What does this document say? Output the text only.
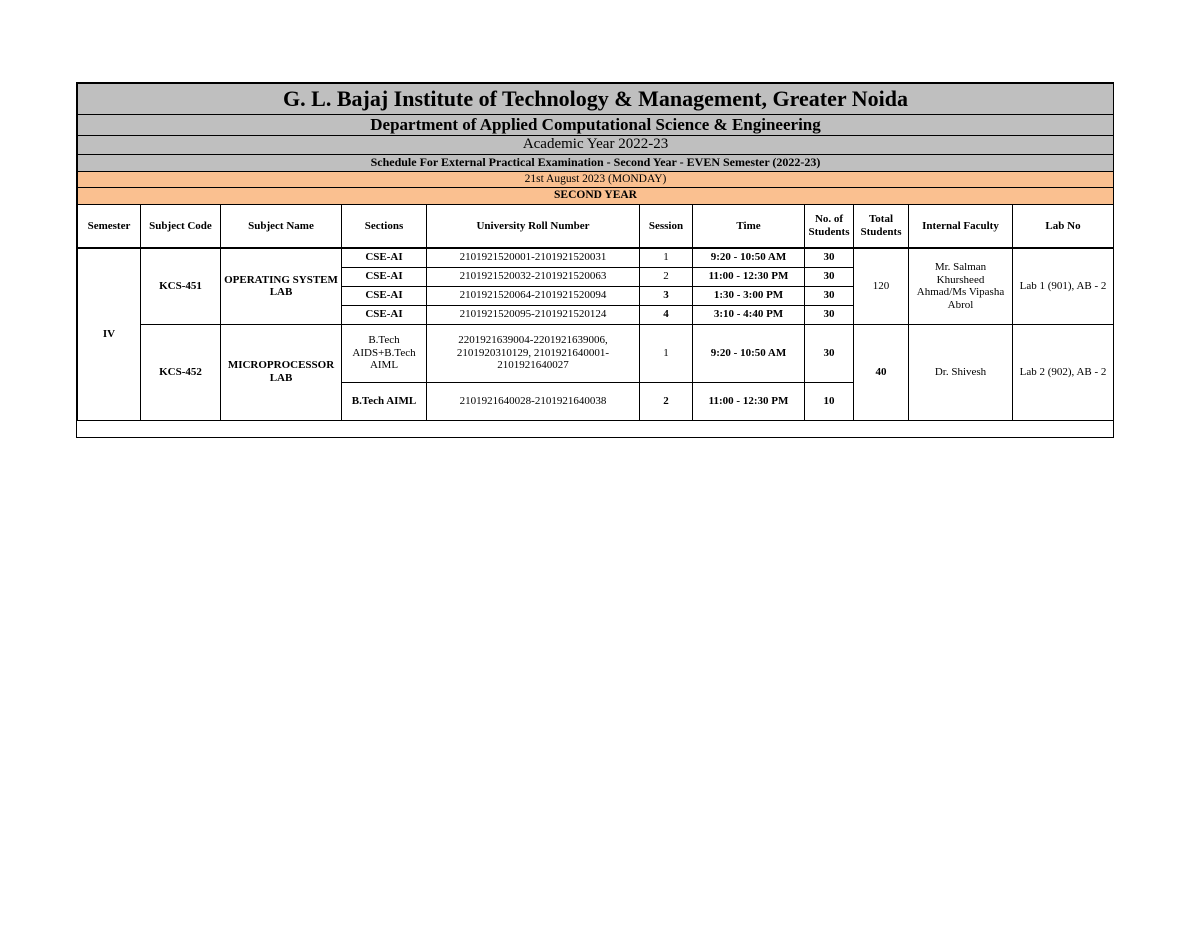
G. L. Bajaj Institute of Technology & Management, Greater Noida										
Department of Applied Computational Science & Engineering										
Academic Year 2022-23										
Schedule For External Practical Examination - Second Year - EVEN Semester (2022-23)										
21st August 2023 (MONDAY)										
SECOND YEAR										
Semester	Subject Code	Subject Name	Sections	University Roll Number	Session	Time	No. of Students	Total Students	Internal Faculty	Lab No
IV	KCS-451	OPERATING SYSTEM LAB	CSE-AI	2101921520001-2101921520031	1	9:20 - 10:50 AM	30	120	Mr. Salman Khursheed Ahmad/Ms Vipasha Abrol	Lab 1 (901), AB - 2
			CSE-AI	2101921520032-2101921520063	2	11:00 - 12:30 PM	30			
			CSE-AI	2101921520064-2101921520094	3	1:30 - 3:00 PM	30			
			CSE-AI	2101921520095-2101921520124	4	3:10 - 4:40 PM	30			
	KCS-452	MICROPROCESSOR LAB	B.Tech AIDS+B.Tech AIML	2201921639004-2201921639006, 2101920310129, 2101921640001-2101921640027	1	9:20 - 10:50 AM	30	40	Dr. Shivesh	Lab 2 (902), AB - 2
			B.Tech AIML	2101921640028-2101921640038	2	11:00 - 12:30 PM	10			
